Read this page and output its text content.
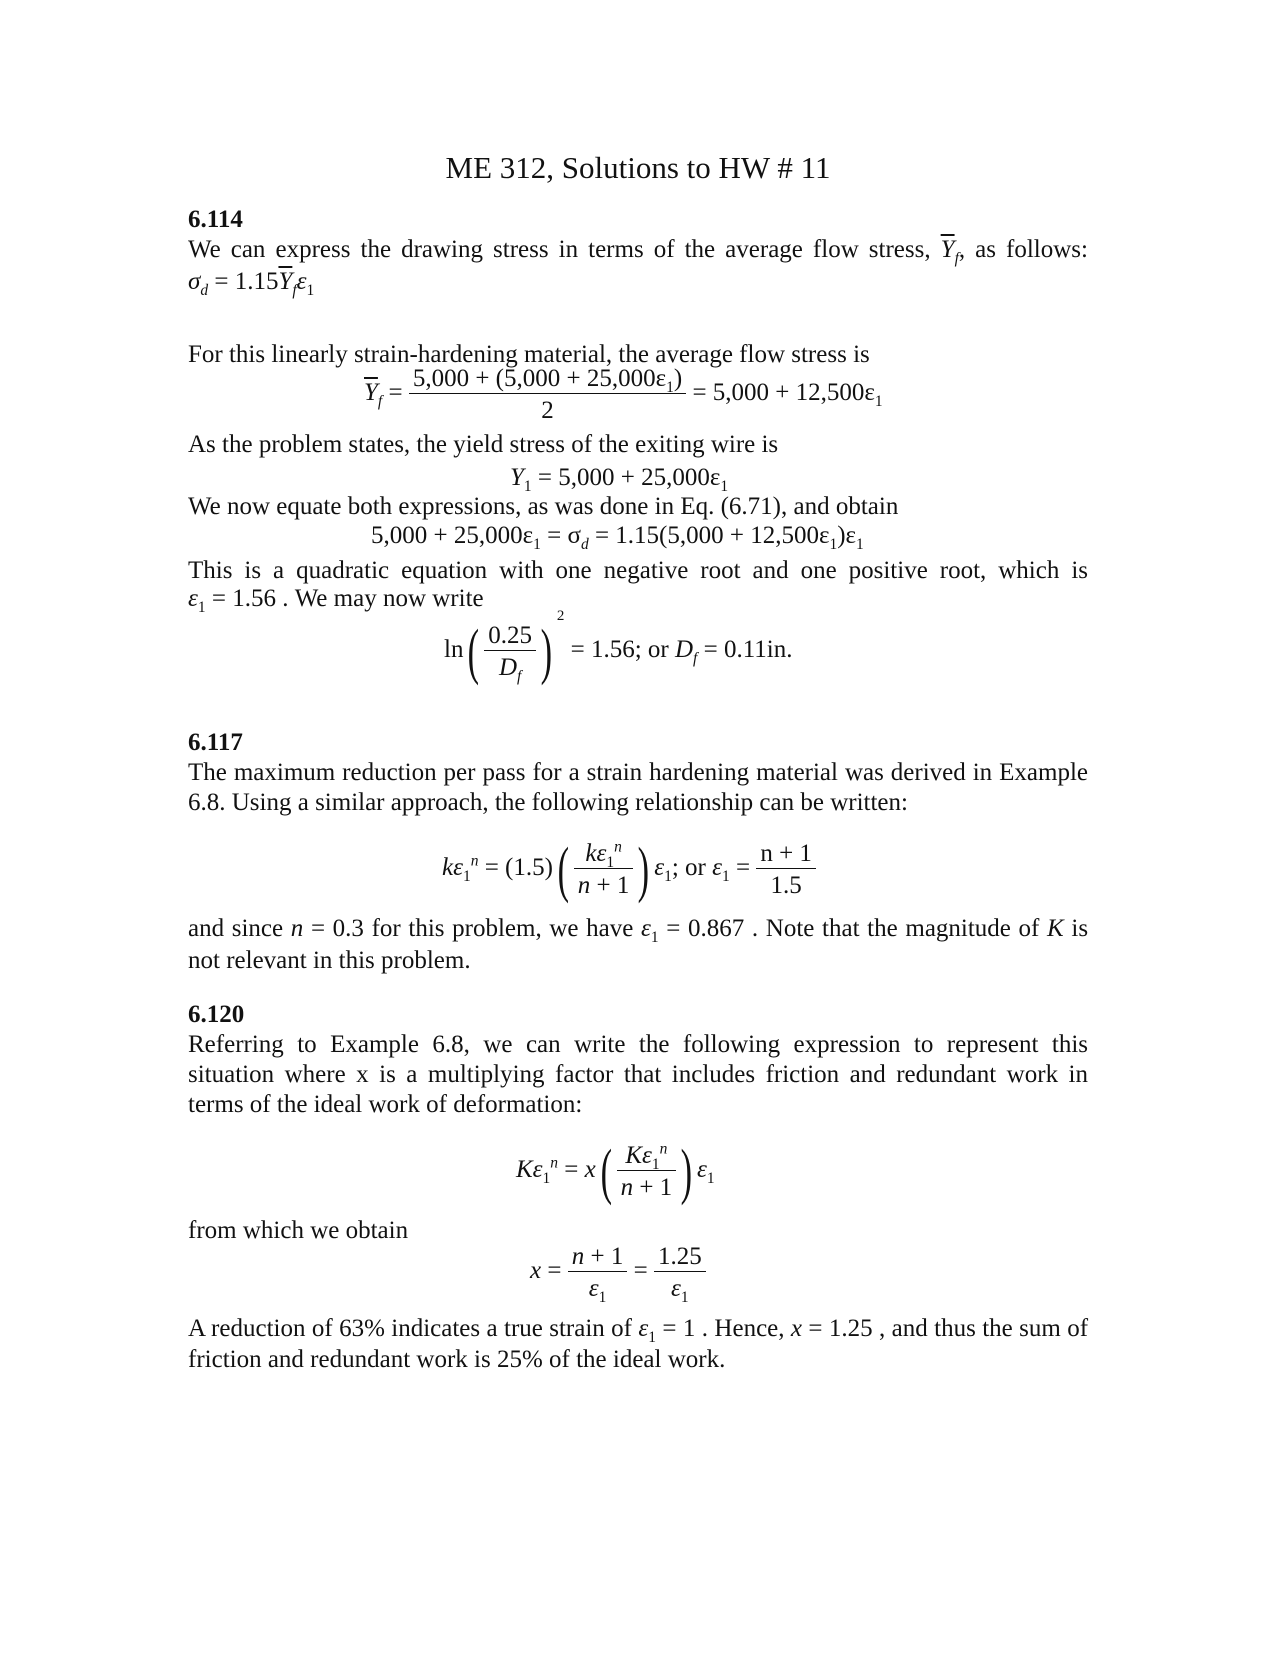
ME 312, Solutions to HW # 11
6.114
We can express the drawing stress in terms of the average flow stress, $\overline{Y}_f$, as follows:
$\sigma_d = 1.15\overline{Y}_f\varepsilon_1$
For this linearly strain-hardening material, the average flow stress is
$\overline{Y}_f = \frac{5,000 + (5,000 + 25,000\varepsilon_1)}{2} = 5,000 + 12,500\varepsilon_1$
As the problem states, the yield stress of the exiting wire is
$Y_1 = 5,000 + 25,000\varepsilon_1$
We now equate both expressions, as was done in Eq. (6.71), and obtain
$5,000 + 25,000\varepsilon_1 = \sigma_d = 1.15(5,000 + 12,500\varepsilon_1)\varepsilon_1$
This is a quadratic equation with one negative root and one positive root, which is
$\varepsilon_1 = 1.56$ . We may now write
$\ln( \frac{0.25}{D_f} )^2 = 1.56$; or $D_f = 0.11in$.
6.117
The maximum reduction per pass for a strain hardening material was derived in Example 6.8. Using a similar approach, the following relationship can be written:
$k\varepsilon_1^n = (1.5)( \frac{k\varepsilon_1^n}{n + 1}$ ) $\varepsilon_1$; or $\varepsilon_1 = \frac{n + 1}{1.5}$
and since n = 0.3 for this problem, we have $\varepsilon_1 = 0.867$ . Note that the magnitude of K is
not relevant in this problem.
6.120
Referring to Example 6.8, we can write the following expression to represent this situation where x is a multiplying factor that includes friction and redundant work in terms of the ideal work of deformation:
$K\varepsilon_1^n = x( \frac{K\varepsilon_1^n}{n + 1}$ ) $\varepsilon_1$
from which we obtain
$x = \frac{n + 1}{\varepsilon_1} = \frac{1.25}{\varepsilon_1}$
A reduction of 63% indicates a true strain of $\varepsilon_1 = 1$ . Hence, x = 1.25 , and thus the sum of
friction and redundant work is 25% of the ideal work.
